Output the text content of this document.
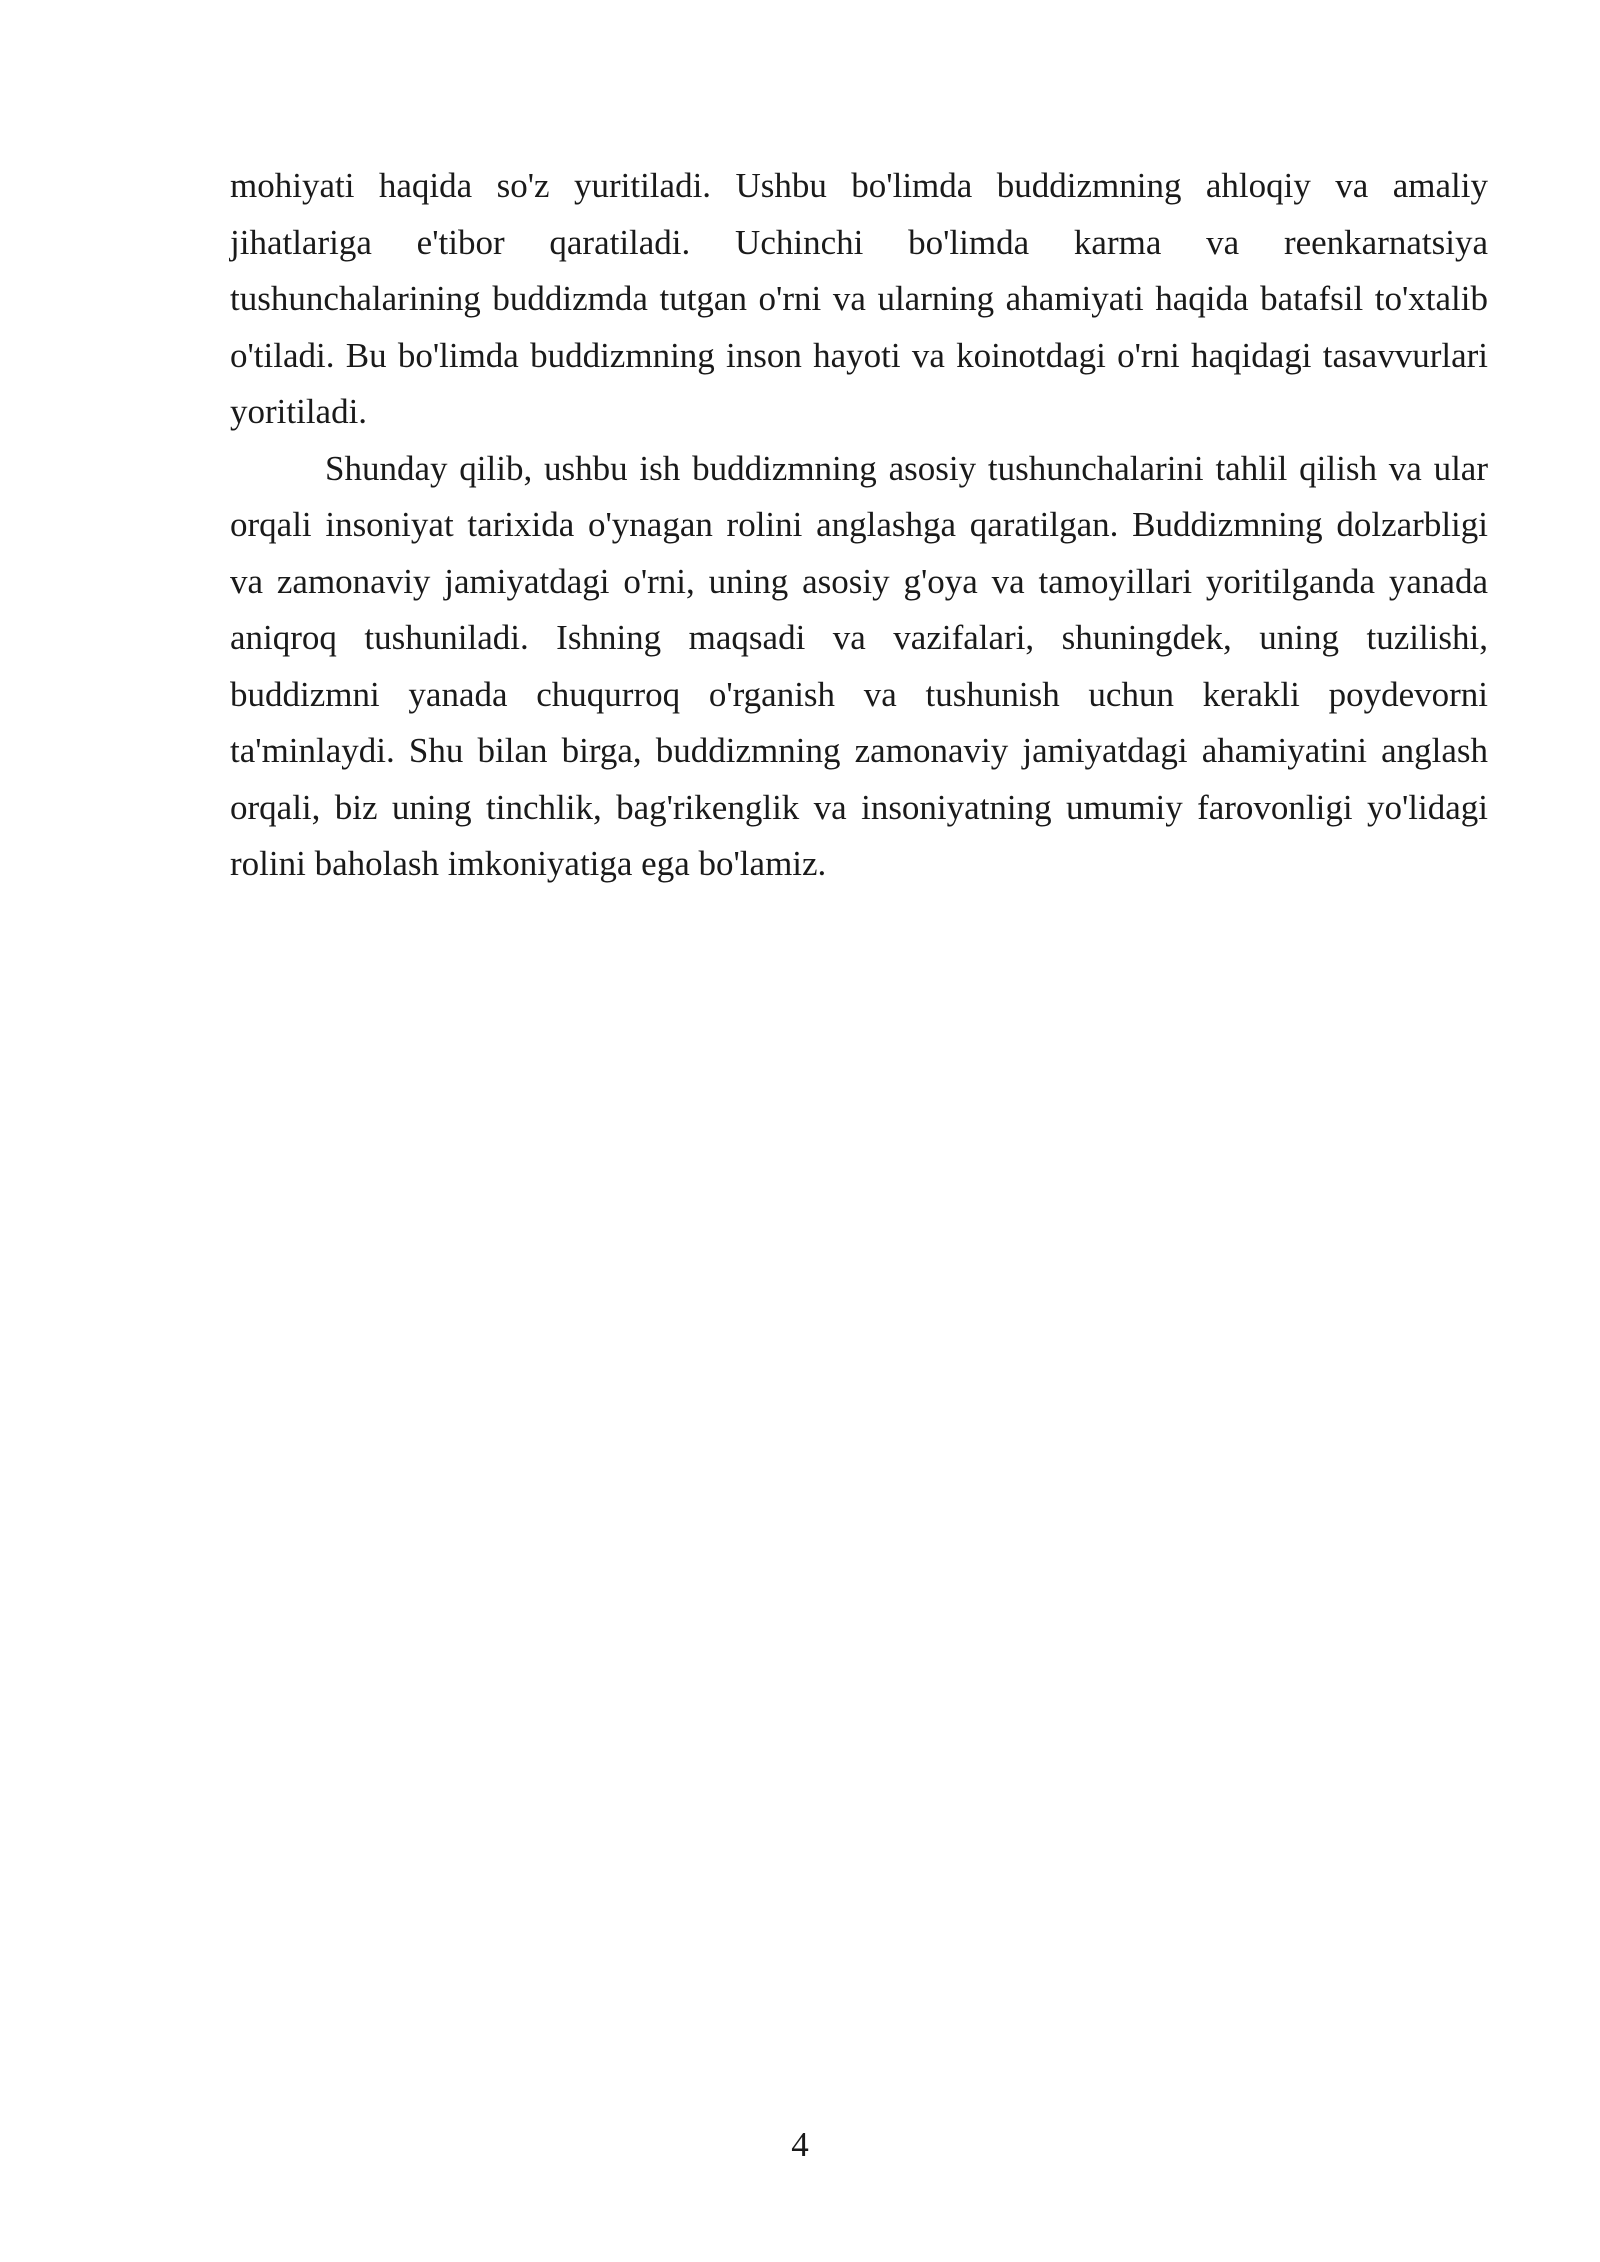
mohiyati haqida so'z yuritiladi. Ushbu bo'limda buddizmning ahloqiy va amaliy jihatlariga e'tibor qaratiladi. Uchinchi bo'limda karma va reenkarnatsiya tushunchalarining buddizmda tutgan o'rni va ularning ahamiyati haqida batafsil to'xtalib o'tiladi. Bu bo'limda buddizmning inson hayoti va koinotdagi o'rni haqidagi tasavvurlari yoritiladi.

Shunday qilib, ushbu ish buddizmning asosiy tushunchalarini tahlil qilish va ular orqali insoniyat tarixida o'ynagan rolini anglashga qaratilgan. Buddizmning dolzarbligi va zamonaviy jamiyatdagi o'rni, uning asosiy g'oya va tamoyillari yoritilganda yanada aniqroq tushuniladi. Ishning maqsadi va vazifalari, shuningdek, uning tuzilishi, buddizmni yanada chuqurroq o'rganish va tushunish uchun kerakli poydevorni ta'minlaydi. Shu bilan birga, buddizmning zamonaviy jamiyatdagi ahamiyatini anglash orqali, biz uning tinchlik, bag'rikenglik va insoniyatning umumiy farovonligi yo'lidagi rolini baholash imkoniyatiga ega bo'lamiz.

4
